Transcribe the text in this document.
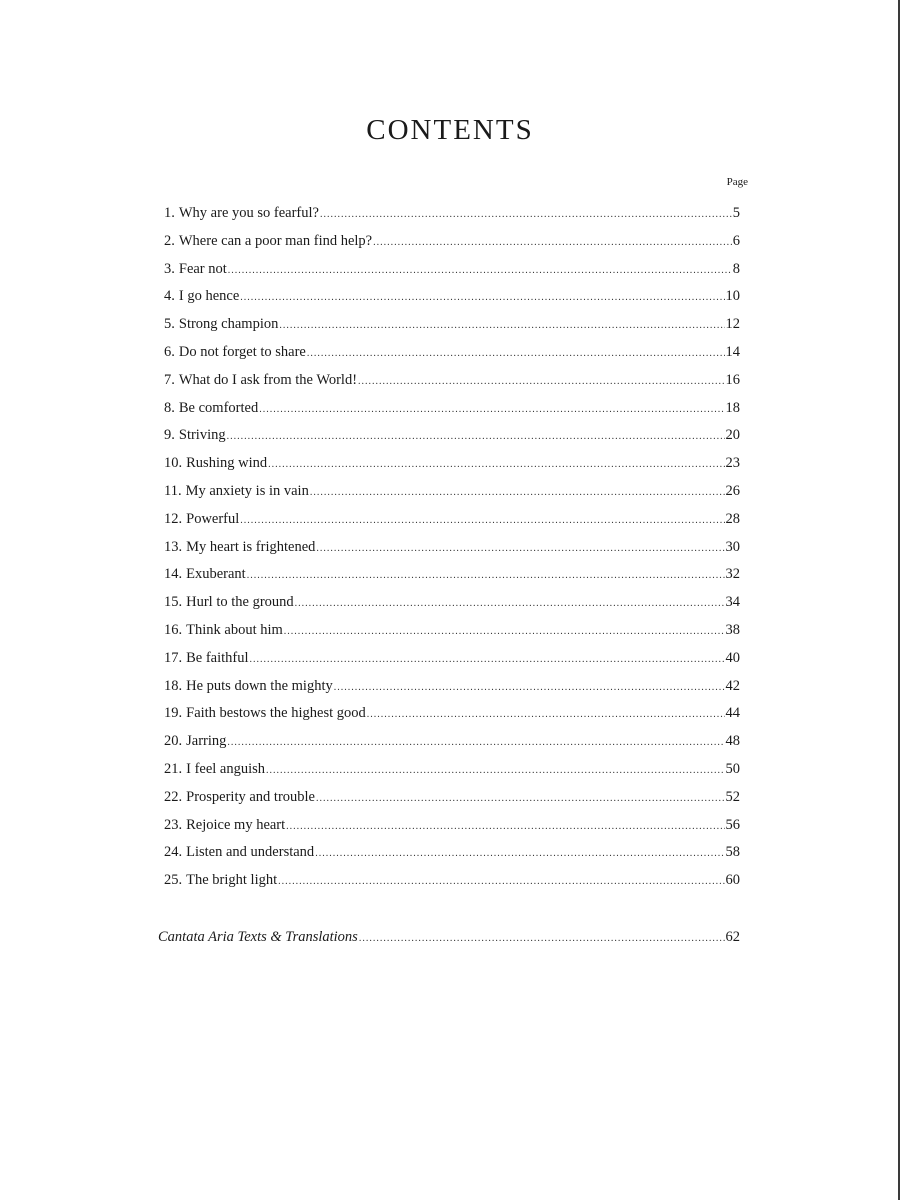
CONTENTS
Page
1. Why are you so fearful? .....	5
2. Where can a poor man find help? .....	6
3. Fear not .....	8
4. I go hence .....	10
5. Strong champion .....	12
6. Do not forget to share .....	14
7. What do I ask from the World! .....	16
8. Be comforted .....	18
9. Striving .....	20
10. Rushing wind .....	23
11. My anxiety is in vain .....	26
12. Powerful .....	28
13. My heart is frightened .....	30
14. Exuberant .....	32
15. Hurl to the ground .....	34
16. Think about him .....	38
17. Be faithful .....	40
18. He puts down the mighty .....	42
19. Faith bestows the highest good .....	44
20. Jarring .....	48
21. I feel anguish .....	50
22. Prosperity and trouble .....	52
23. Rejoice my heart .....	56
24. Listen and understand .....	58
25. The bright light .....	60
Cantata Aria Texts & Translations .....	62
